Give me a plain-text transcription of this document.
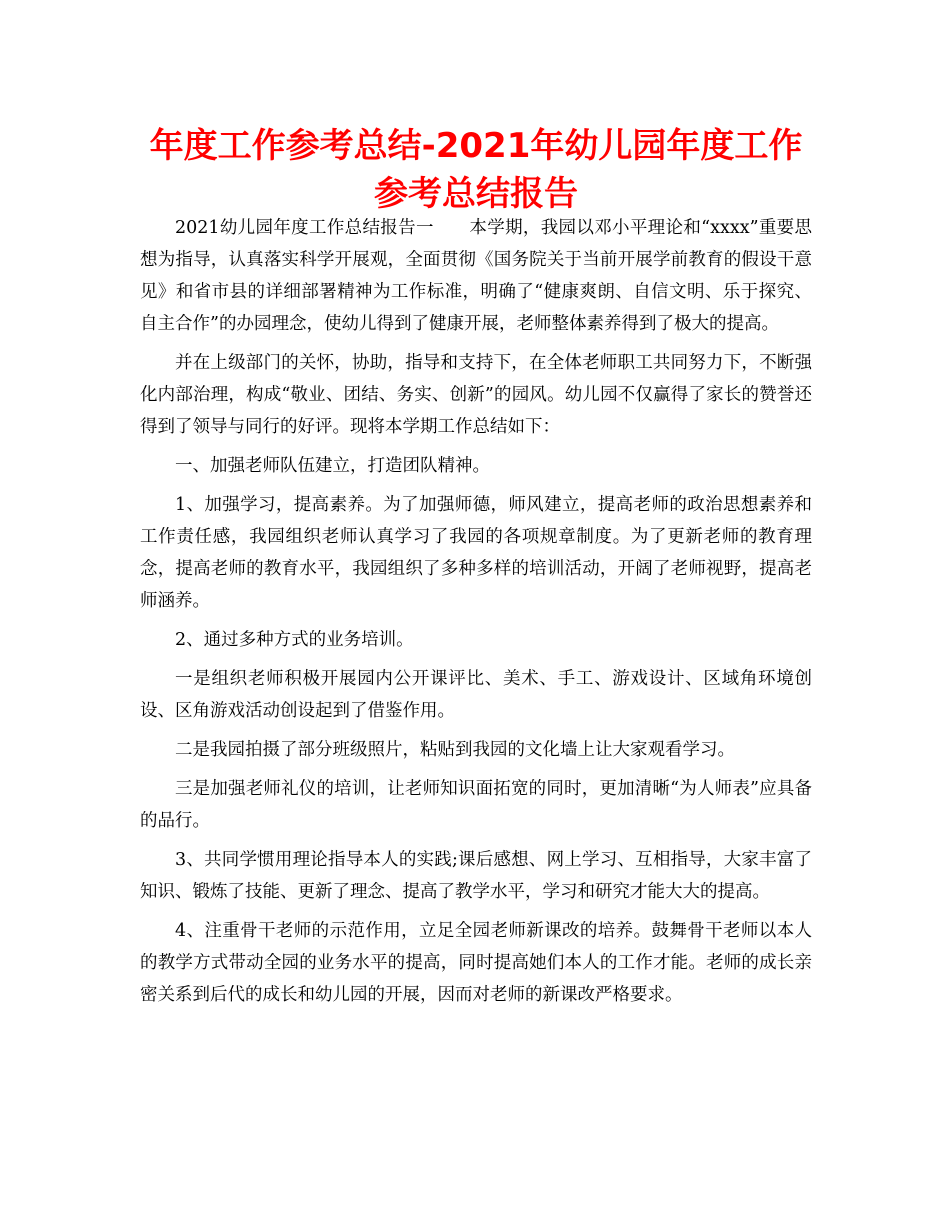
年度工作参考总结-2021年幼儿园年度工作参考总结报告

2021幼儿园年度工作总结报告一　　本学期，我园以邓小平理论和“xxxx”重要思想为指导，认真落实科学开展观，全面贯彻《国务院关于当前开展学前教育的假设干意见》和省市县的详细部署精神为工作标准，明确了“健康爽朗、自信文明、乐于探究、自主合作”的办园理念，使幼儿得到了健康开展，老师整体素养得到了极大的提高。

并在上级部门的关怀，协助，指导和支持下，在全体老师职工共同努力下，不断强化内部治理，构成“敬业、团结、务实、创新”的园风。幼儿园不仅赢得了家长的赞誉还得到了领导与同行的好评。现将本学期工作总结如下：

一、加强老师队伍建立，打造团队精神。

1、加强学习，提高素养。为了加强师德，师风建立，提高老师的政治思想素养和工作责任感，我园组织老师认真学习了我园的各项规章制度。为了更新老师的教育理念，提高老师的教育水平，我园组织了多种多样的培训活动，开阔了老师视野，提高老师涵养。

2、通过多种方式的业务培训。

一是组织老师积极开展园内公开课评比、美术、手工、游戏设计、区域角环境创设、区角游戏活动创设起到了借鉴作用。

二是我园拍摄了部分班级照片，粘贴到我园的文化墙上让大家观看学习。

三是加强老师礼仪的培训，让老师知识面拓宽的同时，更加清晰“为人师表”应具备的品行。

3、共同学惯用理论指导本人的实践;课后感想、网上学习、互相指导，大家丰富了知识、锻炼了技能、更新了理念、提高了教学水平，学习和研究才能大大的提高。

4、注重骨干老师的示范作用，立足全园老师新课改的培养。鼓舞骨干老师以本人的教学方式带动全园的业务水平的提高，同时提高她们本人的工作才能。老师的成长亲密关系到后代的成长和幼儿园的开展，因而对老师的新课改严格要求。
